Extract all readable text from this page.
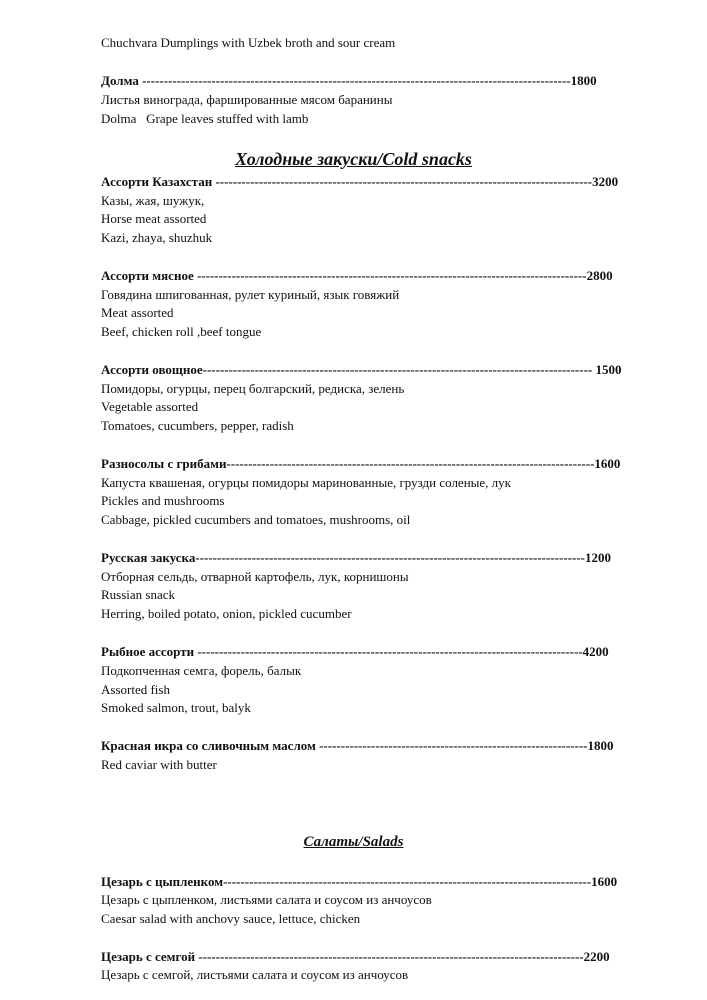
Chuchvara Dumplings with Uzbek broth and sour cream
Долма ---------------------------------------------------------------------------------------------------1800
Листья винограда, фаршированные мясом баранины
Dolma   Grape leaves stuffed with lamb
Холодные закуски/Cold snacks
Ассорти Казахстан ---------------------------------------------------------------------------------------3200
Казы, жая, шужук,
Horse meat assorted
Kazi, zhaya, shuzhuk
Ассорти мясное ------------------------------------------------------------------------------------------2800
Говядина шпигованная, рулет куриный, язык говяжий
Meat assorted
Beef, chicken roll ,beef tongue
Ассорти овощное------------------------------------------------------------------------------------------ 1500
Помидоры, огурцы, перец болгарский, редиска, зелень
Vegetable assorted
Tomatoes, cucumbers, pepper, radish
Разносолы с грибами-------------------------------------------------------------------------------------1600
Капуста квашеная, огурцы помидоры маринованные, грузди соленые, лук
Pickles and mushrooms
Cabbage, pickled cucumbers and tomatoes, mushrooms, oil
Русская закуска------------------------------------------------------------------------------------------1200
Отборная сельдь, отварной картофель, лук, корнишоны
Russian snack
Herring, boiled potato, onion, pickled cucumber
Рыбное ассорти -----------------------------------------------------------------------------------------4200
Подкопченная семга, форель, балык
Assorted fish
Smoked salmon, trout, balyk
Красная икра со сливочным маслом --------------------------------------------------------------1800
Red caviar with butter
Салаты/Salads
Цезарь с цыпленком-------------------------------------------------------------------------------------1600
Цезарь с цыпленком, листьями салата и соусом из анчоусов
Caesar salad with anchovy sauce, lettuce, chicken
Цезарь с семгой -----------------------------------------------------------------------------------------2200
Цезарь с семгой, листьями салата и соусом из анчоусов
